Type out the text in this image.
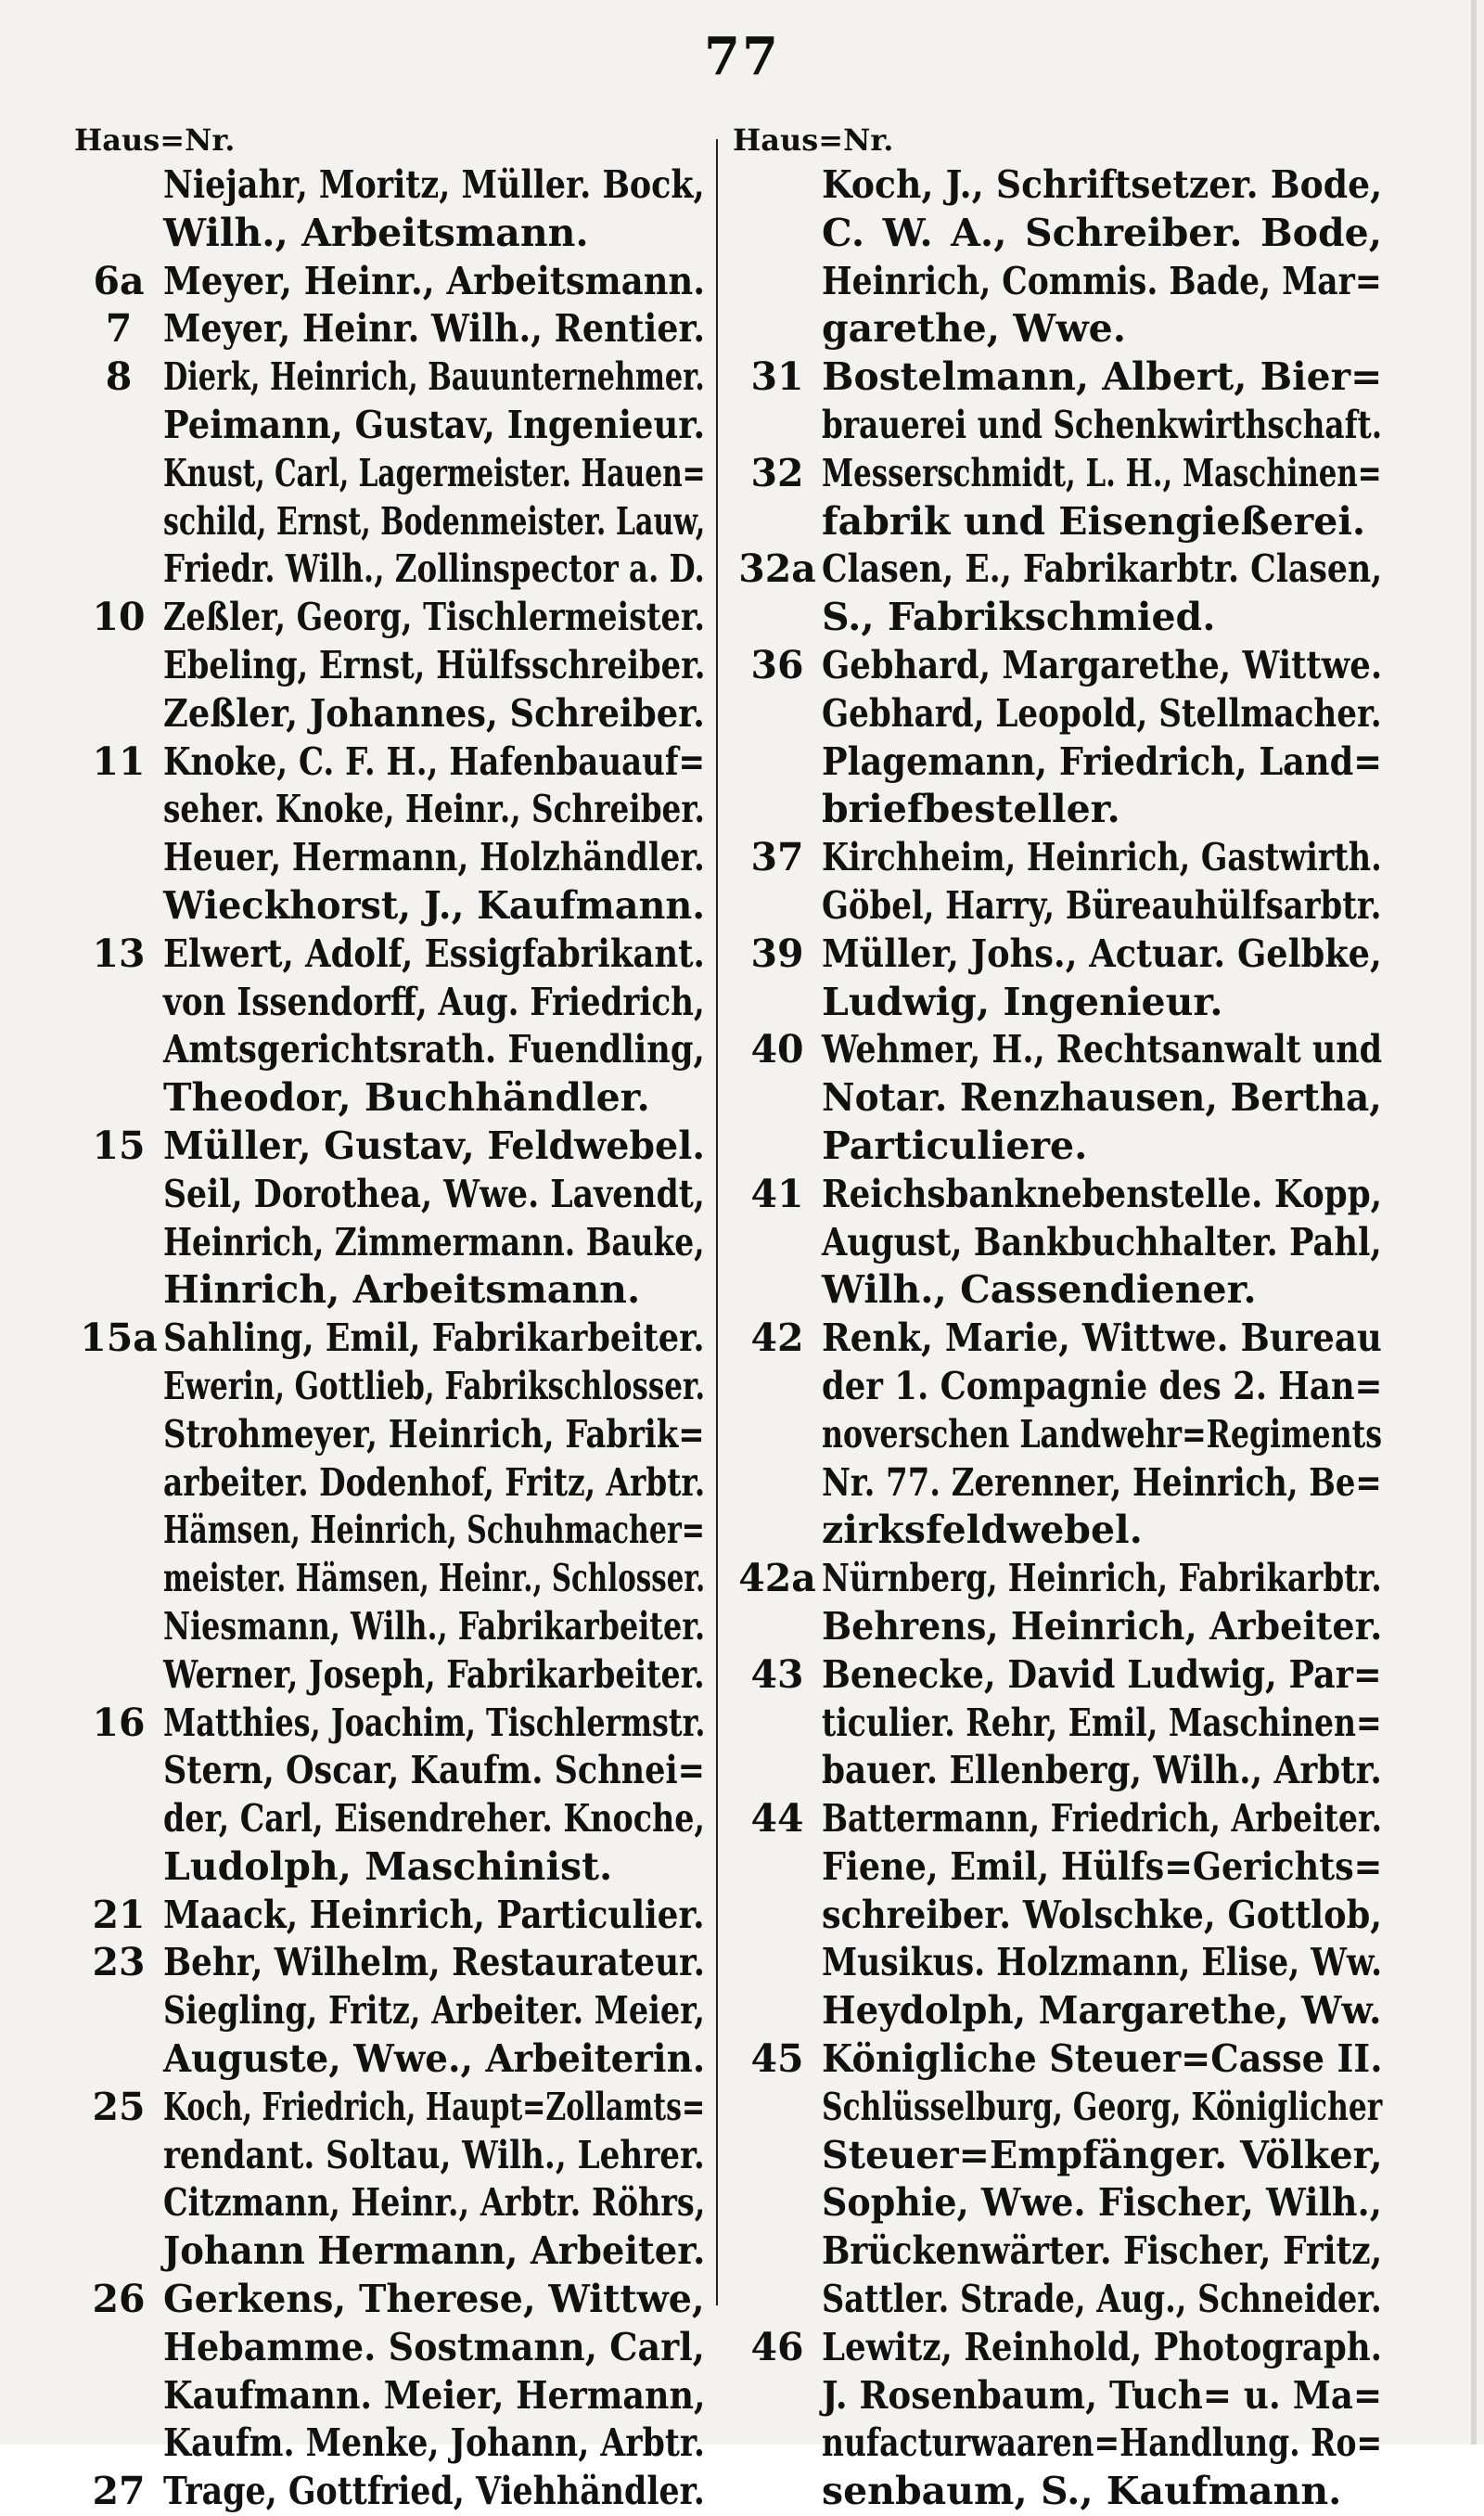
77
Haus=Nr.
Niejahr, Moritz, Müller. Bock,
Wilh., Arbeitsmann.
6a Meyer, Heinr., Arbeitsmann.
7 Meyer, Heinr. Wilh., Rentier.
8 Dierk, Heinrich, Bauunternehmer.
Peimann, Gustav, Ingenieur.
Knust, Carl, Lagermeister. Hauen=
schild, Ernst, Bodenmeister. Lauw,
Friedr. Wilh., Zollinspector a. D.
10 Zeßler, Georg, Tischlermeister.
Ebeling, Ernst, Hülfsschreiber.
Zeßler, Johannes, Schreiber.
11 Knoke, C. F. H., Hafenbauauf=
seher. Knoke, Heinr., Schreiber.
Heuer, Hermann, Holzhändler.
Wieckhorst, J., Kaufmann.
13 Elwert, Adolf, Essigfabrikant.
von Issendorff, Aug. Friedrich,
Amtsgerichtsrath. Fuendling,
Theodor, Buchhändler.
15 Müller, Gustav, Feldwebel.
Seil, Dorothea, Wwe. Lavendt,
Heinrich, Zimmermann. Bauke,
Hinrich, Arbeitsmann.
15a Sahling, Emil, Fabrikarbeiter.
Ewerin, Gottlieb, Fabrikschlosser.
Strohmeyer, Heinrich, Fabrik=
arbeiter. Dodenhof, Fritz, Arbtr.
Hämsen, Heinrich, Schuhmacher=
meister. Hämsen, Heinr., Schlosser.
Niesmann, Wilh., Fabrikarbeiter.
Werner, Joseph, Fabrikarbeiter.
16 Matthies, Joachim, Tischlermstr.
Stern, Oscar, Kaufm. Schnei=
der, Carl, Eisendreher. Knoche,
Ludolph, Maschinist.
21 Maack, Heinrich, Particulier.
23 Behr, Wilhelm, Restaurateur.
Siegling, Fritz, Arbeiter. Meier,
Auguste, Wwe., Arbeiterin.
25 Koch, Friedrich, Haupt=Zollamts=
rendant. Soltau, Wilh., Lehrer.
Citzmann, Heinr., Arbtr. Röhrs,
Johann Hermann, Arbeiter.
26 Gerkens, Therese, Wittwe,
Hebamme. Sostmann, Carl,
Kaufmann. Meier, Hermann,
Kaufm. Menke, Johann, Arbtr.
27 Trage, Gottfried, Viehhändler.
Haus=Nr.
Koch, J., Schriftsetzer. Bode,
C. W. A., Schreiber. Bode,
Heinrich, Commis. Bade, Mar=
garethe, Wwe.
31 Bostelmann, Albert, Bier=
brauerei und Schenkwirthschaft.
32 Messerschmidt, L. H., Maschinen=
fabrik und Eisengießerei.
32a Clasen, E., Fabrikarbtr. Clasen,
S., Fabrikschmied.
36 Gebhard, Margarethe, Wittwe.
Gebhard, Leopold, Stellmacher.
Plagemann, Friedrich, Land=
briefbesteller.
37 Kirchheim, Heinrich, Gastwirth.
Göbel, Harry, Büreauhülfsarbtr.
39 Müller, Johs., Actuar. Gelbke,
Ludwig, Ingenieur.
40 Wehmer, H., Rechtsanwalt und
Notar. Renzhausen, Bertha,
Particuliere.
41 Reichsbanknebenstelle. Kopp,
August, Bankbuchhalter. Pahl,
Wilh., Cassendiener.
42 Renk, Marie, Wittwe. Bureau
der 1. Compagnie des 2. Han=
noverschen Landwehr=Regiments
Nr. 77. Zerenner, Heinrich, Be=
zirksfeldwebel.
42a Nürnberg, Heinrich, Fabrikarbtr.
Behrens, Heinrich, Arbeiter.
43 Benecke, David Ludwig, Par=
ticulier. Rehr, Emil, Maschinen=
bauer. Ellenberg, Wilh., Arbtr.
44 Battermann, Friedrich, Arbeiter.
Fiene, Emil, Hülfs=Gerichts=
schreiber. Wolschke, Gottlob,
Musikus. Holzmann, Elise, Ww.
Heydolph, Margarethe, Ww.
45 Königliche Steuer=Casse II.
Schlüsselburg, Georg, Königlicher
Steuer=Empfänger. Völker,
Sophie, Wwe. Fischer, Wilh.,
Brückenwärter. Fischer, Fritz,
Sattler. Strade, Aug., Schneider.
46 Lewitz, Reinhold, Photograph.
J. Rosenbaum, Tuch= u. Ma=
nufacturwaaren=Handlung. Ro=
senbaum, S., Kaufmann.
